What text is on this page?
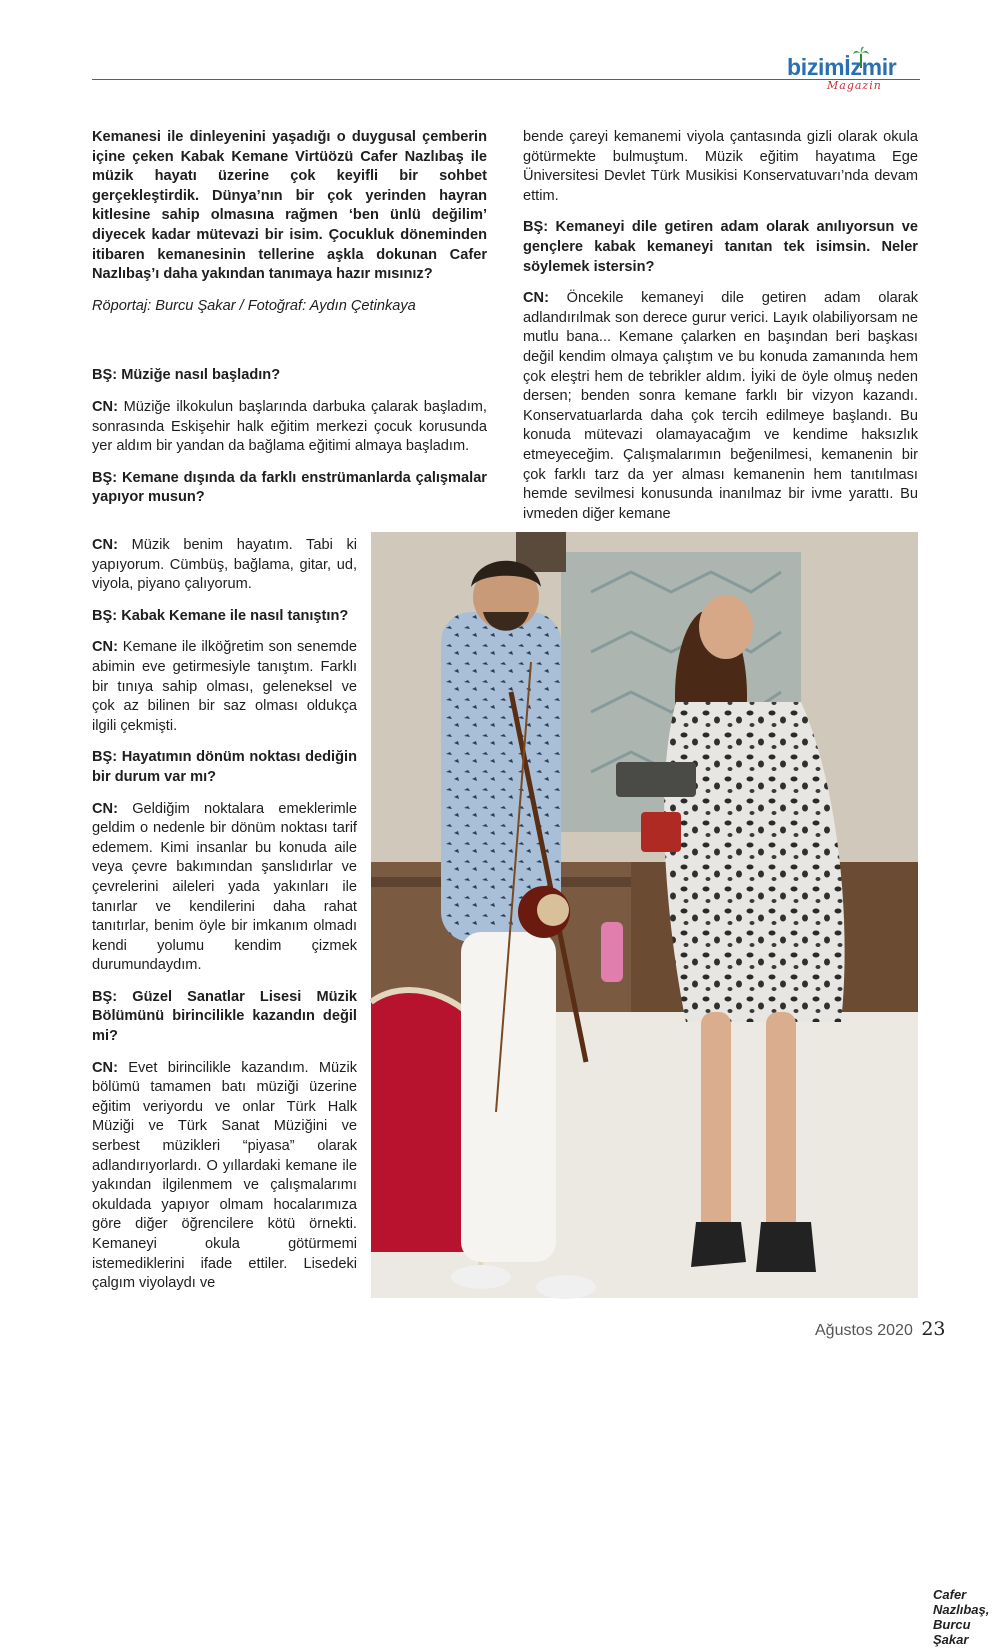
bizimİzmir
Magazin

Kemanesi ile dinleyenini yaşadığı o duygusal çemberin içine çeken Kabak Kemane Virtüözü Cafer Nazlıbaş ile müzik hayatı üzerine çok keyifli bir sohbet gerçekleştirdik. Dünya’nın bir çok yerinden hayran kitlesine sahip olmasına rağmen ‘ben ünlü değilim’ diyecek kadar mütevazi bir isim. Çocukluk döneminden itibaren kemanesinin tellerine aşkla dokunan Cafer Nazlıbaş’ı daha yakından tanımaya hazır mısınız?

Röportaj: Burcu Şakar / Fotoğraf: Aydın Çetinkaya

BŞ: Müziğe nasıl başladın?

CN: Müziğe ilkokulun başlarında darbuka çalarak başladım, sonrasında Eskişehir halk eğitim merkezi çocuk korusunda yer aldım bir yandan da bağlama eğitimi almaya başladım.

BŞ: Kemane dışında da farklı enstrümanlarda çalışmalar yapıyor musun?

CN: Müzik benim hayatım. Tabi ki yapıyorum. Cümbüş, bağlama, gitar, ud, viyola, piyano çalıyorum.

BŞ: Kabak Kemane ile nasıl tanıştın?

CN: Kemane ile ilköğretim son senemde abimin eve getirmesiyle tanıştım. Farklı bir tınıya sahip olması, geleneksel ve çok az bilinen bir saz olması oldukça ilgili çekmişti.

BŞ: Hayatımın dönüm noktası dediğin bir durum var mı?

CN: Geldiğim noktalara emeklerimle geldim o nedenle bir dönüm noktası tarif edemem. Kimi insanlar bu konuda aile veya çevre bakımından şanslıdırlar ve çevrelerini aileleri yada yakınları ile tanırlar ve kendilerini daha rahat tanıtırlar, benim öyle bir imkanım olmadı kendi yolumu kendim çizmek durumundaydım.

BŞ: Güzel Sanatlar Lisesi Müzik Bölümünü birincilikle kazandın değil mi?

CN: Evet birincilikle kazandım. Müzik bölümü tamamen batı müziği üzerine eğitim veriyordu ve onlar Türk Halk Müziği ve Türk Sanat Müziğini ve serbest müzikleri “piyasa” olarak adlandırıyorlardı. O yıllardaki kemane ile yakından ilgilenmem ve çalışmalarımı okuldada yapıyor olmam hocalarımıza göre diğer öğrencilere kötü örnekti. Kemaneyi okula götürmemi istemediklerini ifade ettiler. Lisedeki çalgım viyolaydı ve

bende çareyi kemanemi viyola çantasında gizli olarak okula götürmekte bulmuştum. Müzik eğitim hayatıma Ege Üniversitesi Devlet Türk Musikisi Konservatuvarı’nda devam ettim.

BŞ: Kemaneyi dile getiren adam olarak anılıyorsun ve gençlere kabak kemaneyi tanıtan tek isimsin. Neler söylemek istersin?

CN: Öncekile kemaneyi dile getiren adam olarak adlandırılmak son derece gurur verici. Layık olabiliyorsam ne mutlu bana... Kemane çalarken en başından beri başkası değil kendim olmaya çalıştım ve bu konuda zamanında hem çok eleştri hem de tebrikler aldım. İyiki de öyle olmuş neden dersen; benden sonra kemane farklı bir vizyon kazandı. Konservatuarlarda daha çok tercih edilmeye başlandı. Bu konuda mütevazi olamayacağım ve kendime haksızlık etmeyeceğim. Çalışmalarımın beğenilmesi, kemanenin bir çok farklı tarz da yer alması kemanenin hem tanıtılması hemde sevilmesi konusunda inanılmaz bir ivme yarattı. Bu ivmeden diğer kemane

Cafer Nazlıbaş, Burcu Şakar
Ağustos 2020 23
